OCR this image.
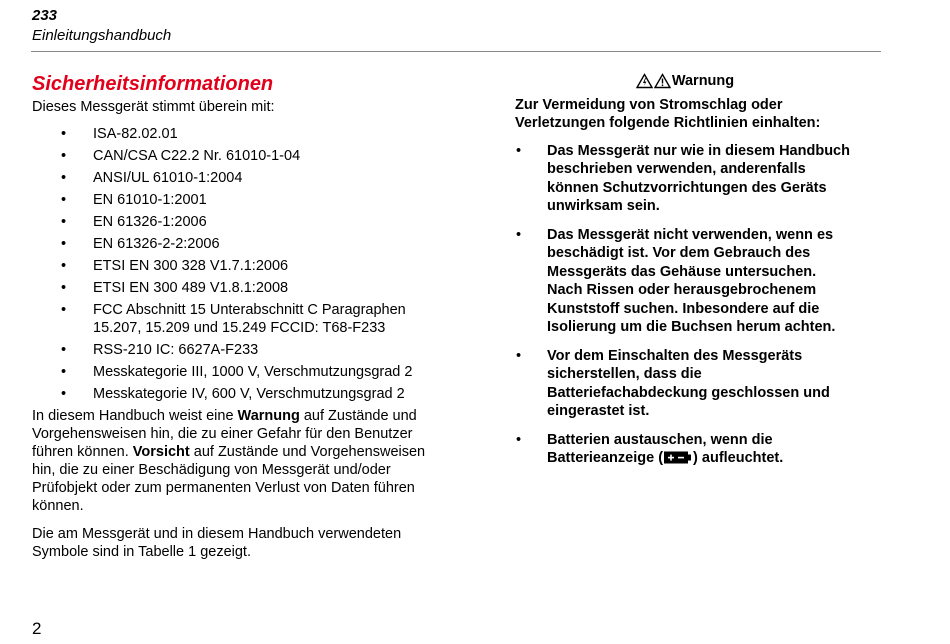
233
Einleitungshandbuch
Sicherheitsinformationen

Dieses Messgerät stimmt überein mit:

• ISA-82.02.01
• CAN/CSA C22.2 Nr. 61010-1-04
• ANSI/UL 61010-1:2004
• EN 61010-1:2001
• EN 61326-1:2006
• EN 61326-2-2:2006
• ETSI EN 300 328 V1.7.1:2006
• ETSI EN 300 489 V1.8.1:2008
• FCC Abschnitt 15 Unterabschnitt C Paragraphen 15.207, 15.209 und 15.249 FCCID: T68-F233
• RSS-210 IC: 6627A-F233
• Messkategorie III, 1000 V, Verschmutzungsgrad 2
• Messkategorie IV, 600 V, Verschmutzungsgrad 2

In diesem Handbuch weist eine Warnung auf Zustände und Vorgehensweisen hin, die zu einer Gefahr für den Benutzer führen können. Vorsicht auf Zustände und Vorgehensweisen hin, die zu einer Beschädigung von Messgerät und/oder Prüfobjekt oder zum permanenten Verlust von Daten führen können.

Die am Messgerät und in diesem Handbuch verwendeten Symbole sind in Tabelle 1 gezeigt.

Warnung

Zur Vermeidung von Stromschlag oder Verletzungen folgende Richtlinien einhalten:

• Das Messgerät nur wie in diesem Handbuch beschrieben verwenden, anderenfalls können Schutzvorrichtungen des Geräts unwirksam sein.
• Das Messgerät nicht verwenden, wenn es beschädigt ist. Vor dem Gebrauch des Messgeräts das Gehäuse untersuchen. Nach Rissen oder herausgebrochenem Kunststoff suchen. Inbesondere auf die Isolierung um die Buchsen herum achten.
• Vor dem Einschalten des Messgeräts sicherstellen, dass die Batteriefachabdeckung geschlossen und eingerastet ist.
• Batterien austauschen, wenn die Batterieanzeige ( ) aufleuchtet.
2
